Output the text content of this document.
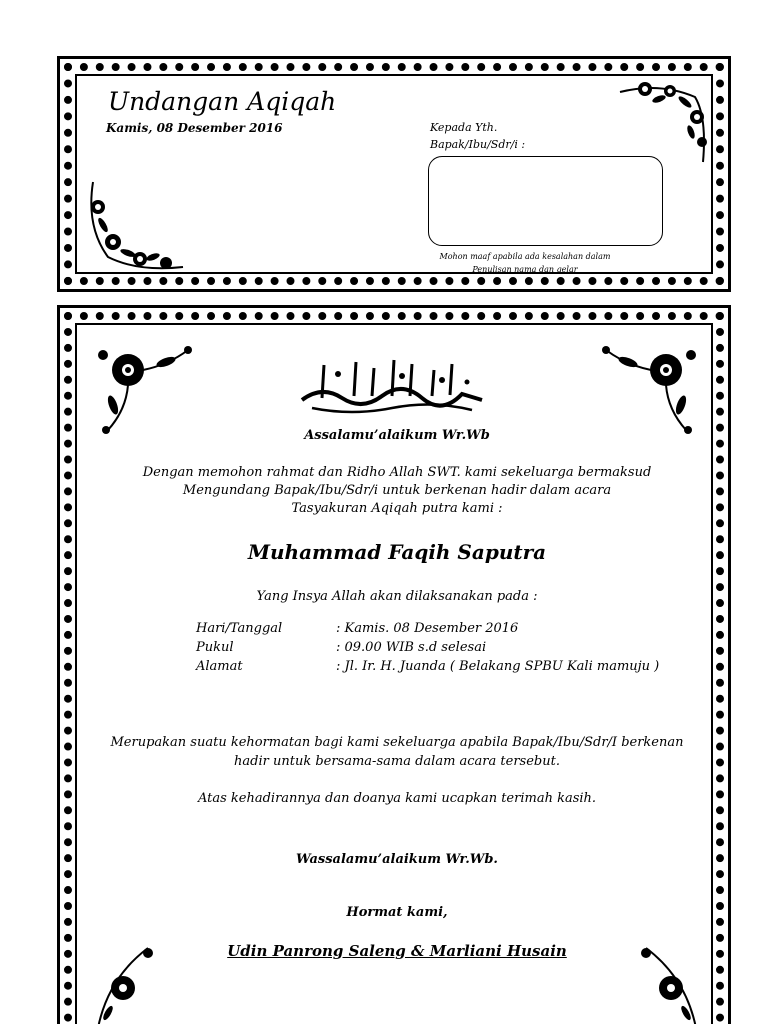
Undangan Aqiqah
Kamis, 08 Desember 2016	Kepada Yth.
Bapak/Ibu/Sdr/i :
Mohon maaf apabila ada kesalahan dalam
Penulisan nama dan gelar
Assalamu’alaikum Wr.Wb
Dengan memohon rahmat dan Ridho Allah SWT. kami sekeluarga bermaksud
Mengundang Bapak/Ibu/Sdr/i untuk berkenan hadir dalam acara
Tasyakuran Aqiqah putra kami :
Muhammad Faqih Saputra
Yang Insya Allah akan dilaksanakan pada :
Hari/Tanggal	: Kamis. 08 Desember 2016
Pukul	: 09.00 WIB s.d selesai
Alamat	: Jl. Ir. H. Juanda ( Belakang SPBU Kali mamuju )
Merupakan suatu kehormatan bagi kami sekeluarga apabila Bapak/Ibu/Sdr/I berkenan
hadir untuk bersama-sama dalam acara tersebut.
Atas kehadirannya dan doanya kami ucapkan terimah kasih.
Wassalamu’alaikum Wr.Wb.
Hormat kami,
Udin Panrong Saleng & Marliani Husain
